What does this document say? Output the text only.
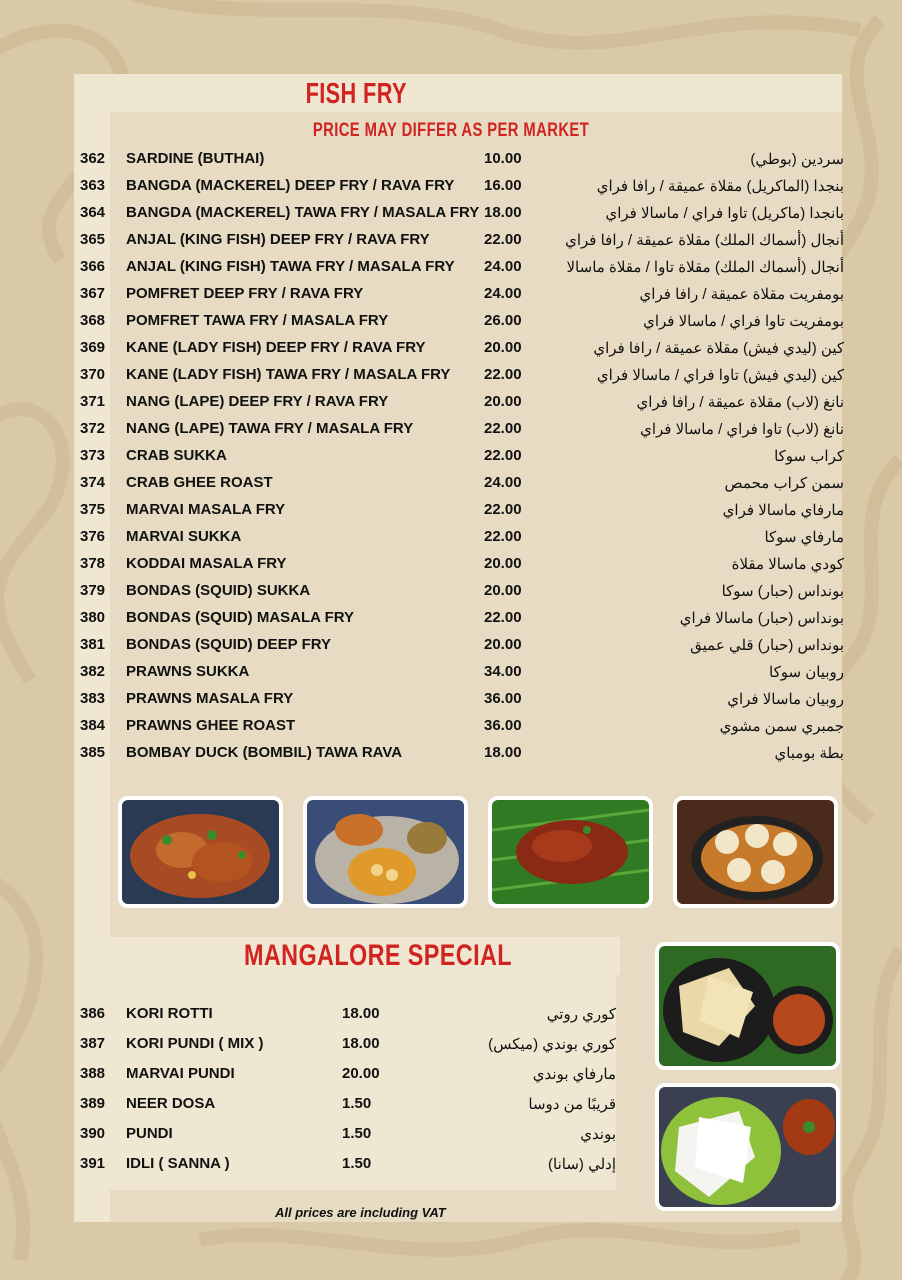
FISH FRY
PRICE MAY DIFFER AS PER MARKET
362 SARDINE (BUTHAI)	10.00	سردين (بوطي)
363 BANGDA (MACKEREL) DEEP FRY / RAVA FRY 16.00	بنجدا (الماكريل) مقلاة عميقة / رافا فراي
364 BANGDA (MACKEREL) TAWA FRY / MASALA FRY 18.00	بانجدا (ماكريل) تاوا فراي / ماسالا فراي
365 ANJAL (KING FISH) DEEP FRY / RAVA FRY	22.00	أنجال (أسماك الملك) مقلاة عميقة / رافا فراي
366 ANJAL (KING FISH) TAWA FRY / MASALA FRY 24.00	أنجال (أسماك الملك) مقلاة تاوا / مقلاة ماسالا
367 POMFRET DEEP FRY / RAVA FRY	24.00	بومفريت مقلاة عميقة / رافا فراي
368 POMFRET TAWA FRY / MASALA FRY	26.00	بومفريت تاوا فراي / ماسالا فراي
369 KANE (LADY FISH) DEEP FRY / RAVA FRY	20.00	كين (ليدي فيش) مقلاة عميقة / رافا فراي
370 KANE (LADY FISH) TAWA FRY / MASALA FRY 22.00	كين (ليدي فيش) تاوا فراي / ماسالا فراي
371 NANG (LAPE) DEEP FRY / RAVA FRY	20.00	نانغ (لاب) مقلاة عميقة / رافا فراي
372 NANG (LAPE) TAWA FRY / MASALA FRY	22.00	نانغ (لاب) تاوا فراي / ماسالا فراي
373 CRAB SUKKA	22.00	كراب سوكا
374 CRAB GHEE ROAST	24.00	سمن كراب محمص
375 MARVAI MASALA FRY	22.00	مارفاي ماسالا فراي
376 MARVAI SUKKA	22.00	مارفاي سوكا
378 KODDAI MASALA FRY	20.00	كودي ماسالا مقلاة
379 BONDAS (SQUID) SUKKA	20.00	بونداس (حبار) سوكا
380 BONDAS (SQUID) MASALA FRY	22.00	بونداس (حبار) ماسالا فراي
381 BONDAS (SQUID) DEEP FRY	20.00	بونداس (حبار) قلي عميق
382 PRAWNS SUKKA	34.00	روبيان سوكا
383 PRAWNS MASALA FRY	36.00	روبيان ماسالا فراي
384 PRAWNS GHEE ROAST	36.00	جمبري سمن مشوي
385 BOMBAY DUCK (BOMBIL) TAWA RAVA	18.00	بطة بومباي
MANGALORE SPECIAL
386 KORI ROTTI	18.00	كوري روتي
387 KORI PUNDI ( MIX )	18.00	كوري بوندي (ميكس)
388 MARVAI PUNDI	20.00	مارفاي بوندي
389 NEER DOSA	1.50	قريبًا من دوسا
390 PUNDI	1.50	بوندي
391 IDLI ( SANNA )	1.50	إدلي (سانا)
All prices are including VAT
